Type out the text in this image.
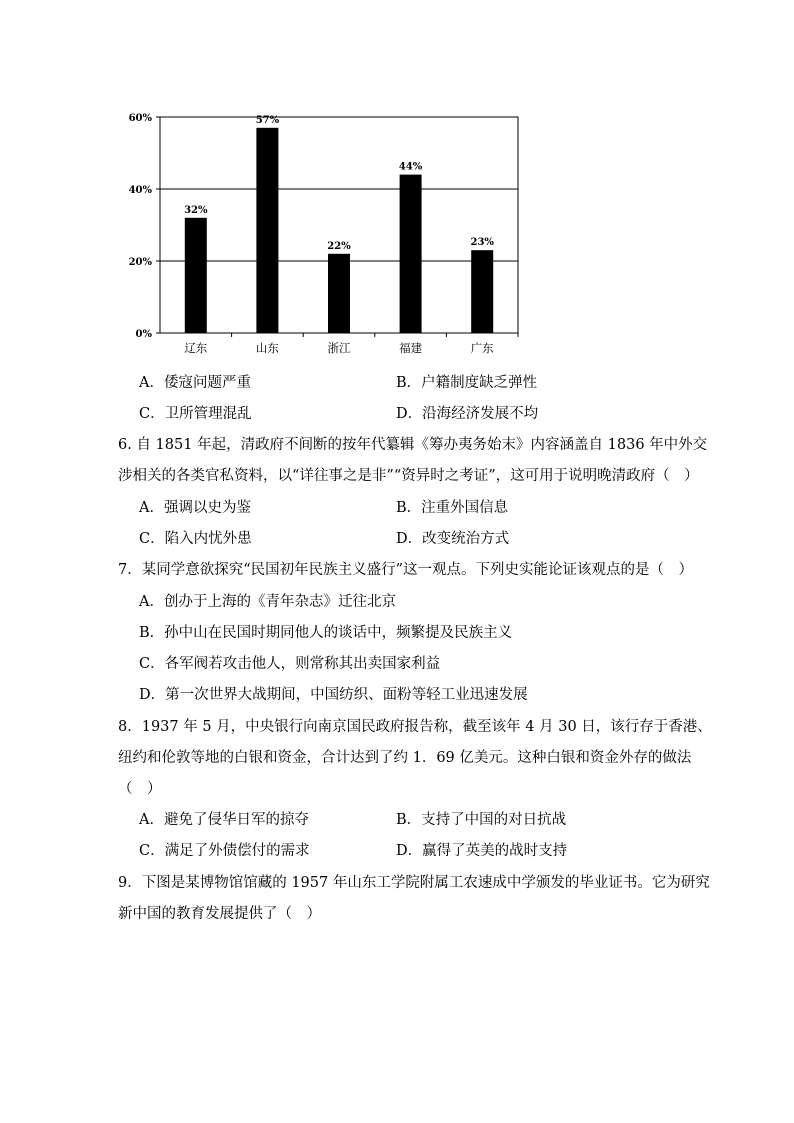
0%
20%
40%
60%
32%
辽东
57%
山东
22%
浙江
44%
福建
23%
广东
A．倭寇问题严重	B．户籍制度缺乏弹性
C．卫所管理混乱	D．沿海经济发展不均
6. 自 1851 年起，清政府不间断的按年代纂辑《筹办夷务始末》内容涵盖自 1836 年中外交
涉相关的各类官私资料，以“详往事之是非”“资异时之考证”，这可用于说明晚清政府（　）
A．强调以史为鉴	B．注重外国信息
C．陷入内忧外患	D．改变统治方式
7．某同学意欲探究“民国初年民族主义盛行”这一观点。下列史实能论证该观点的是（　）
A．创办于上海的《青年杂志》迁往北京
B．孙中山在民国时期同他人的谈话中，频繁提及民族主义
C．各军阀若攻击他人，则常称其出卖国家利益
D．第一次世界大战期间，中国纺织、面粉等轻工业迅速发展
8．1937 年 5 月，中央银行向南京国民政府报告称，截至该年 4 月 30 日，该行存于香港、
纽约和伦敦等地的白银和资金，合计达到了约 1．69 亿美元。这种白银和资金外存的做法
（　）
A．避免了侵华日军的掠夺	B．支持了中国的对日抗战
C．满足了外债偿付的需求	D．赢得了英美的战时支持
9．下图是某博物馆馆藏的 1957 年山东工学院附属工农速成中学颁发的毕业证书。它为研究
新中国的教育发展提供了（　）
